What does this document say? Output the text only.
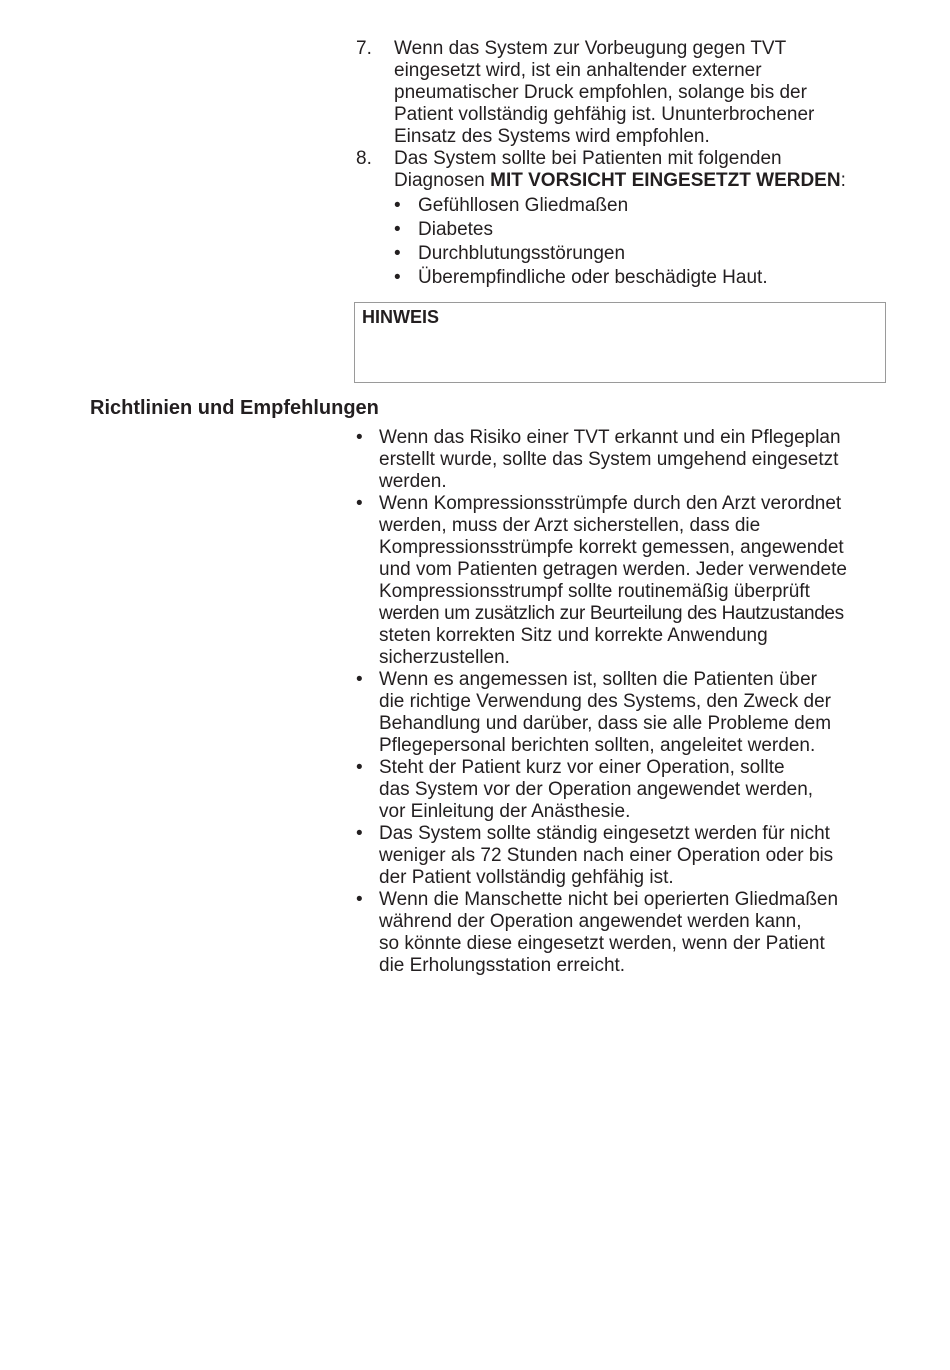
7.	Wenn das System zur Vorbeugung gegen TVT
eingesetzt wird, ist ein anhaltender externer
pneumatischer Druck empfohlen, solange bis der
Patient vollständig gehfähig ist. Ununterbrochener
Einsatz des Systems wird empfohlen.

8.	Das System sollte bei Patienten mit folgenden
Diagnosen MIT VORSICHT EINGESETZT WERDEN:

• Gefühllosen Gliedmaßen
• Diabetes
• Durchblutungsstörungen
• Überempfindliche oder beschädigte Haut.
HINWEIS
Richtlinien und Empfehlungen
• Wenn das Risiko einer TVT erkannt und ein Pflegeplan
erstellt wurde, sollte das System umgehend eingesetzt
werden.

• Wenn Kompressionsstrümpfe durch den Arzt verordnet
werden, muss der Arzt sicherstellen, dass die
Kompressionsstrümpfe korrekt gemessen, angewendet
und vom Patienten getragen werden. Jeder verwendete
Kompressionsstrumpf sollte routinemäßig überprüft
werden um zusätzlich zur Beurteilung des Hautzustandes
steten korrekten Sitz und korrekte Anwendung
sicherzustellen.

• Wenn es angemessen ist, sollten die Patienten über
die richtige Verwendung des Systems, den Zweck der
Behandlung und darüber, dass sie alle Probleme dem
Pflegepersonal berichten sollten, angeleitet werden.

• Steht der Patient kurz vor einer Operation, sollte
das System vor der Operation angewendet werden,
vor Einleitung der Anästhesie.

• Das System sollte ständig eingesetzt werden für nicht
weniger als 72 Stunden nach einer Operation oder bis
der Patient vollständig gehfähig ist.

• Wenn die Manschette nicht bei operierten Gliedmaßen
während der Operation angewendet werden kann,
so könnte diese eingesetzt werden, wenn der Patient
die Erholungsstation erreicht.
